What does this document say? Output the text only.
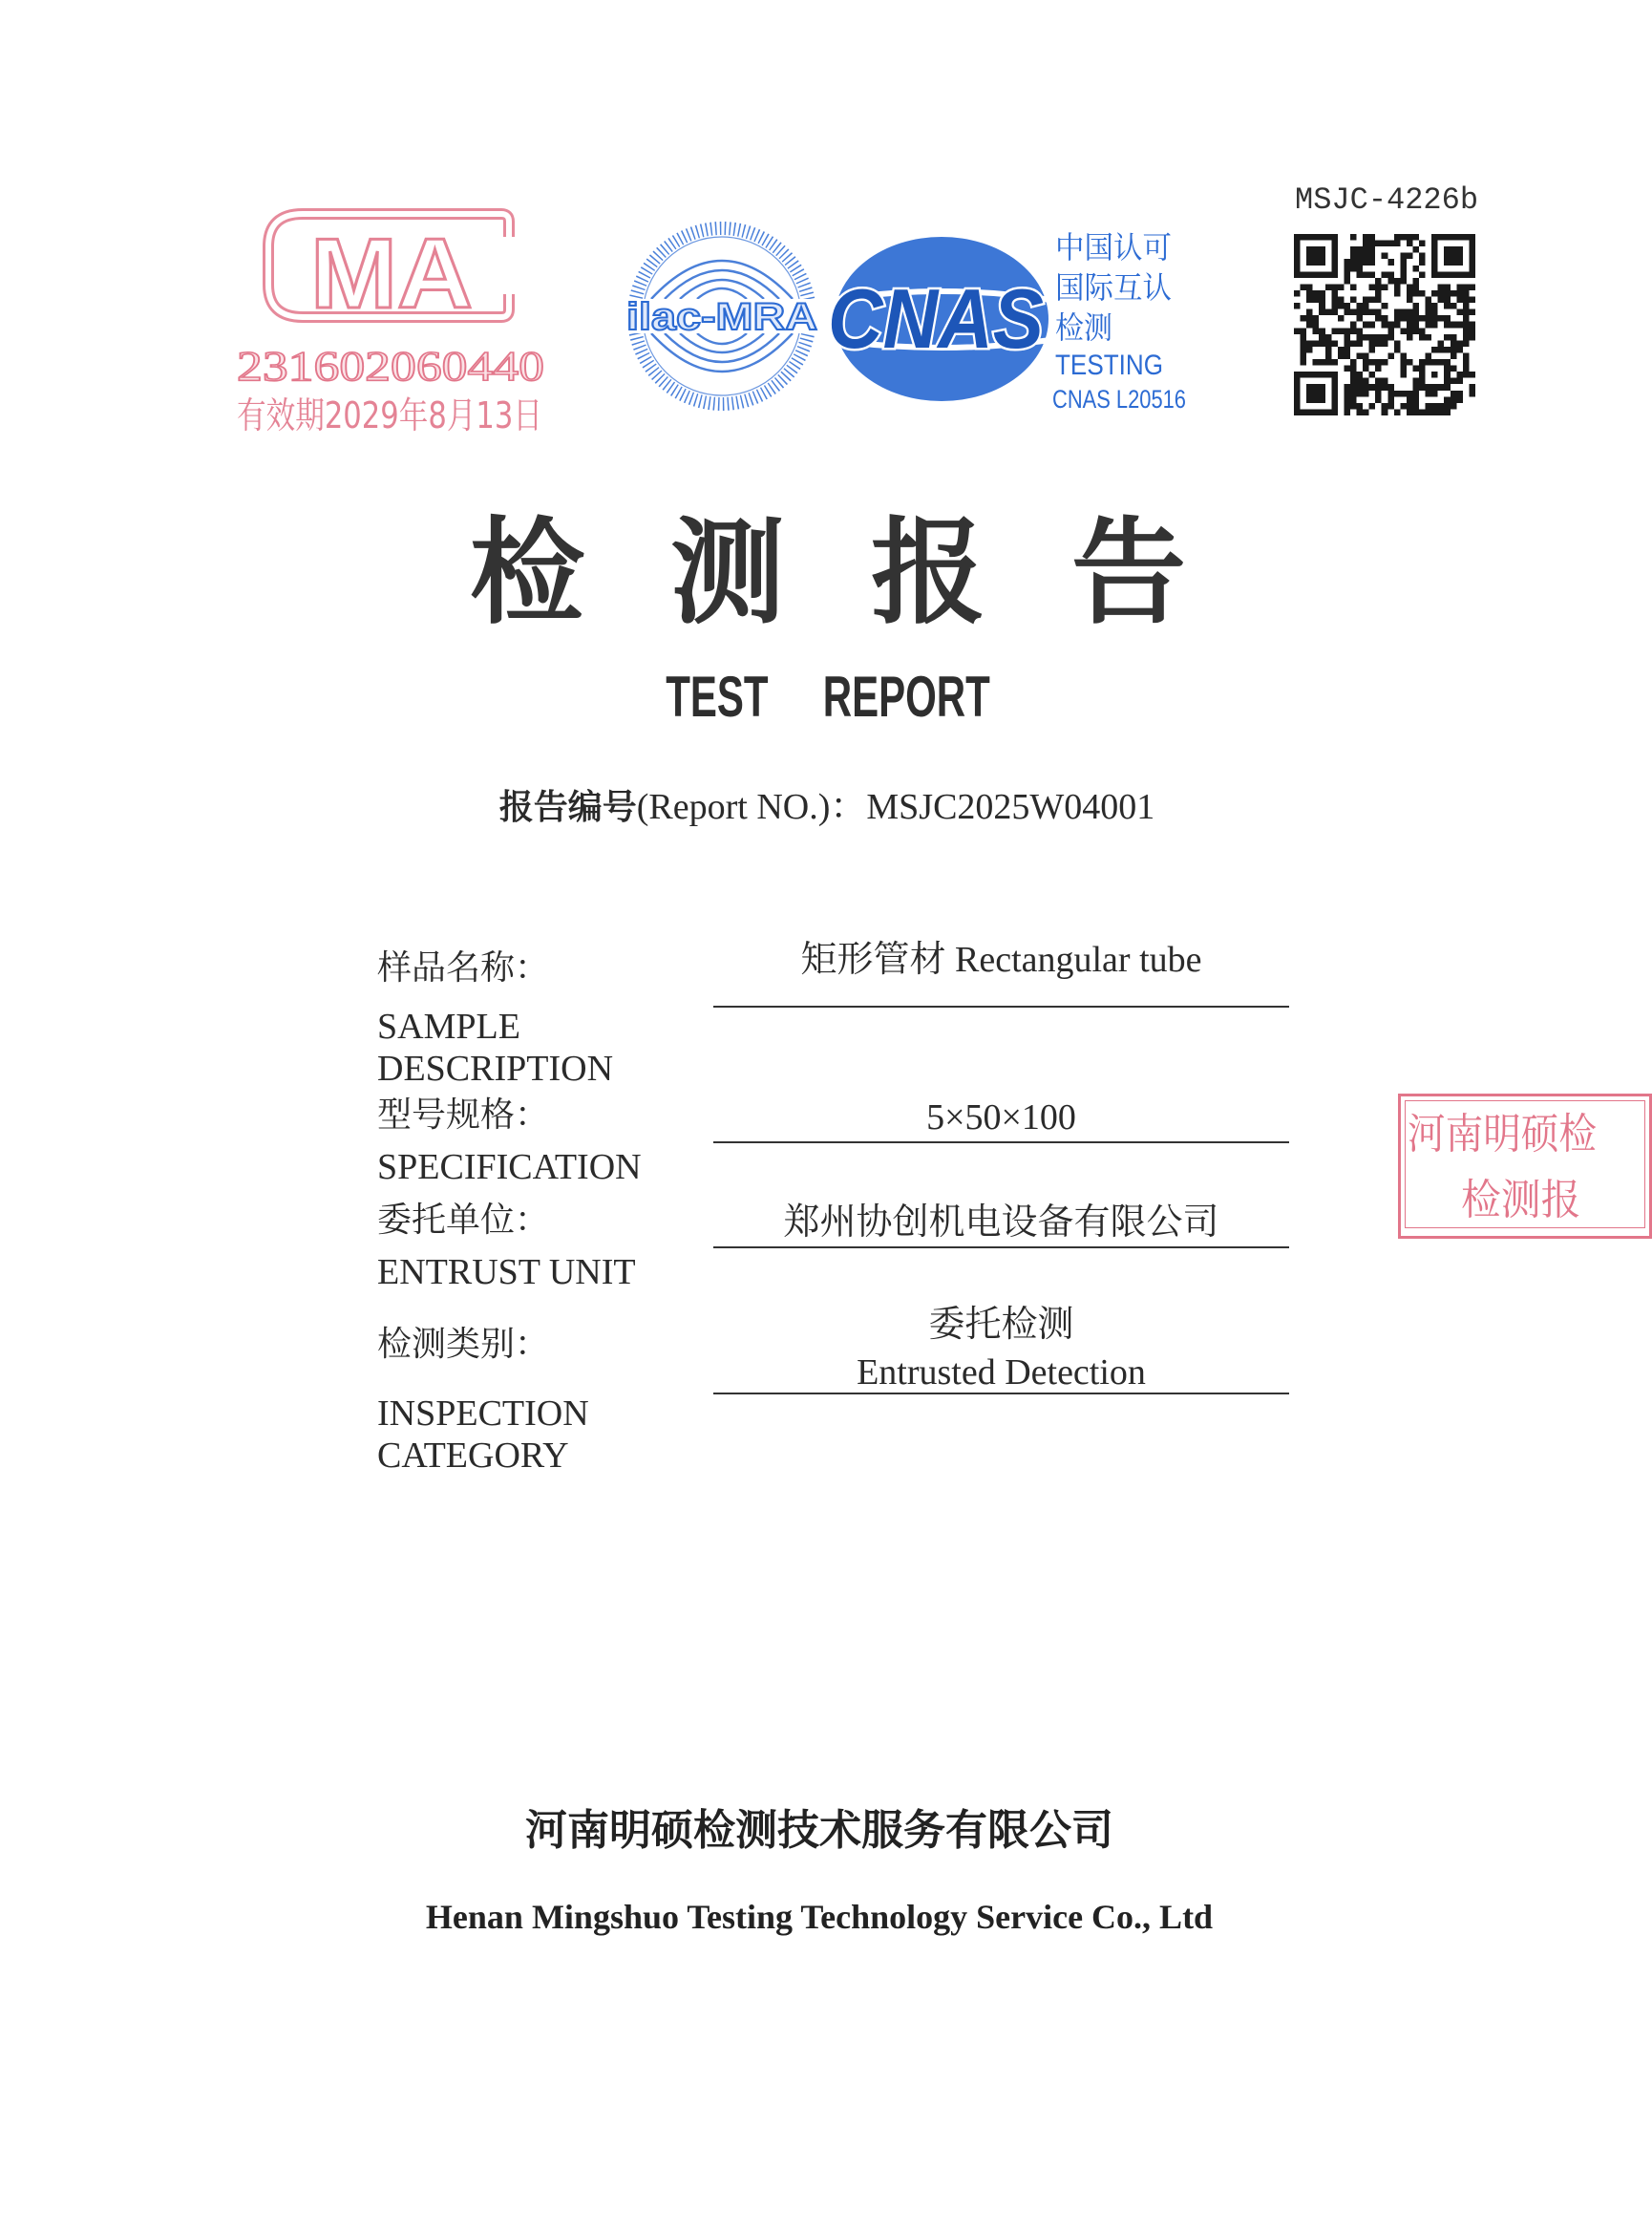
MSJC-4226b
MA
231602060440
有效期2029年8月13日
ilac-MRA CNAS
中国认可
国际互认
检测
TESTING
CNAS L20516
检 测 报 告
TEST REPORT
报告编号(Report NO.)：MSJC2025W04001
样品名称：	矩形管材 Rectangular tube
SAMPLE DESCRIPTION
型号规格：	5×50×100
SPECIFICATION
委托单位：	郑州协创机电设备有限公司
ENTRUST UNIT
检测类别：	委托检测
Entrusted Detection
INSPECTION CATEGORY
河南明硕检
检测报
河南明硕检测技术服务有限公司
Henan Mingshuo Testing Technology Service Co., Ltd
